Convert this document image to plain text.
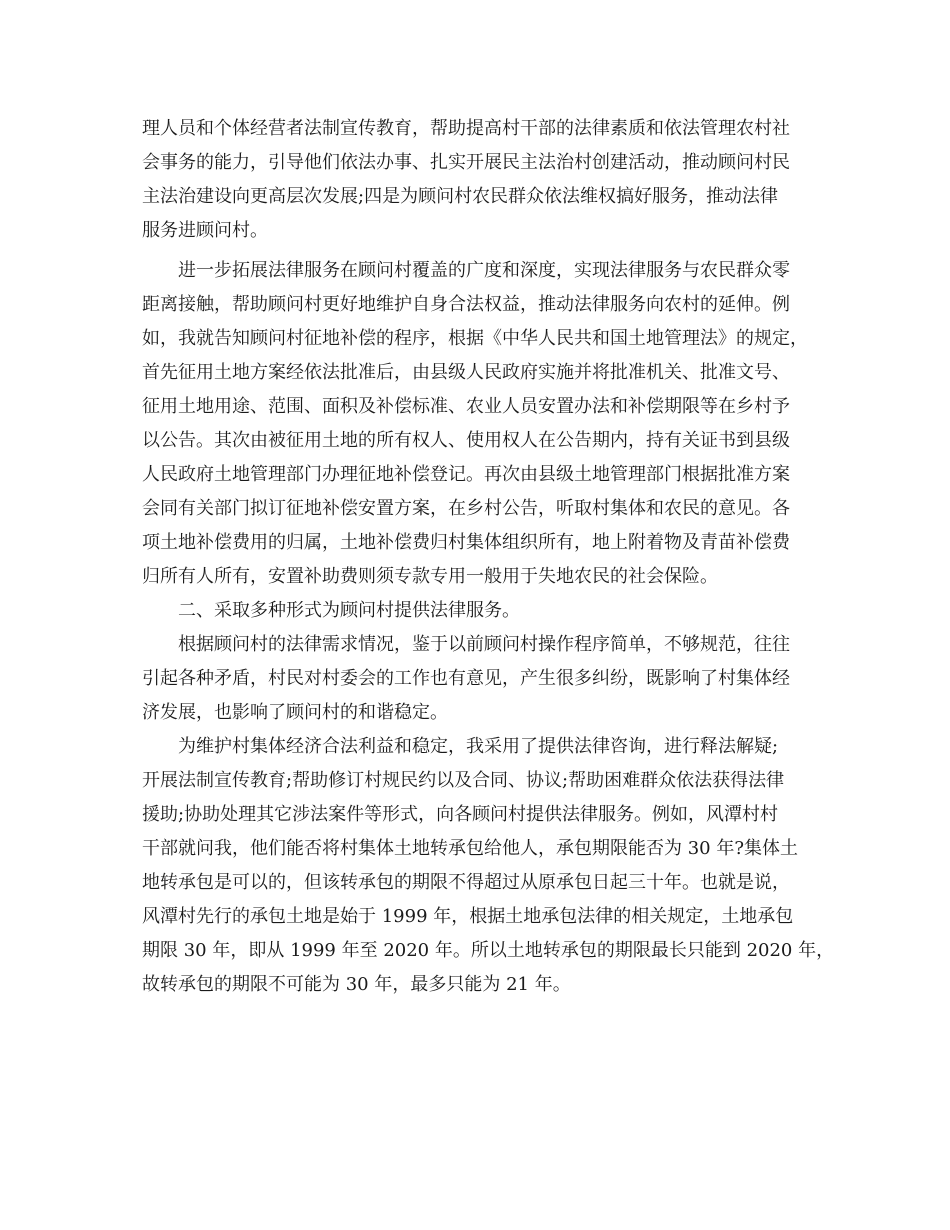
理人员和个体经营者法制宣传教育，帮助提高村干部的法律素质和依法管理农村社
会事务的能力，引导他们依法办事、扎实开展民主法治村创建活动，推动顾问村民
主法治建设向更高层次发展;四是为顾问村农民群众依法维权搞好服务，推动法律
服务进顾问村。
进一步拓展法律服务在顾问村覆盖的广度和深度，实现法律服务与农民群众零
距离接触，帮助顾问村更好地维护自身合法权益，推动法律服务向农村的延伸。例
如，我就告知顾问村征地补偿的程序，根据《中华人民共和国土地管理法》的规定，
首先征用土地方案经依法批准后，由县级人民政府实施并将批准机关、批准文号、
征用土地用途、范围、面积及补偿标准、农业人员安置办法和补偿期限等在乡村予
以公告。其次由被征用土地的所有权人、使用权人在公告期内，持有关证书到县级
人民政府土地管理部门办理征地补偿登记。再次由县级土地管理部门根据批准方案
会同有关部门拟订征地补偿安置方案，在乡村公告，听取村集体和农民的意见。各
项土地补偿费用的归属，土地补偿费归村集体组织所有，地上附着物及青苗补偿费
归所有人所有，安置补助费则须专款专用一般用于失地农民的社会保险。
二、采取多种形式为顾问村提供法律服务。
根据顾问村的法律需求情况，鉴于以前顾问村操作程序简单，不够规范，往往
引起各种矛盾，村民对村委会的工作也有意见，产生很多纠纷，既影响了村集体经
济发展，也影响了顾问村的和谐稳定。
为维护村集体经济合法利益和稳定，我采用了提供法律咨询，进行释法解疑;
开展法制宣传教育;帮助修订村规民约以及合同、协议;帮助困难群众依法获得法律
援助;协助处理其它涉法案件等形式，向各顾问村提供法律服务。例如，风潭村村
干部就问我，他们能否将村集体土地转承包给他人，承包期限能否为 30 年?集体土
地转承包是可以的，但该转承包的期限不得超过从原承包日起三十年。也就是说，
风潭村先行的承包土地是始于 1999 年，根据土地承包法律的相关规定，土地承包
期限 30 年，即从 1999 年至 2020 年。所以土地转承包的期限最长只能到 2020 年，
故转承包的期限不可能为 30 年，最多只能为 21 年。
